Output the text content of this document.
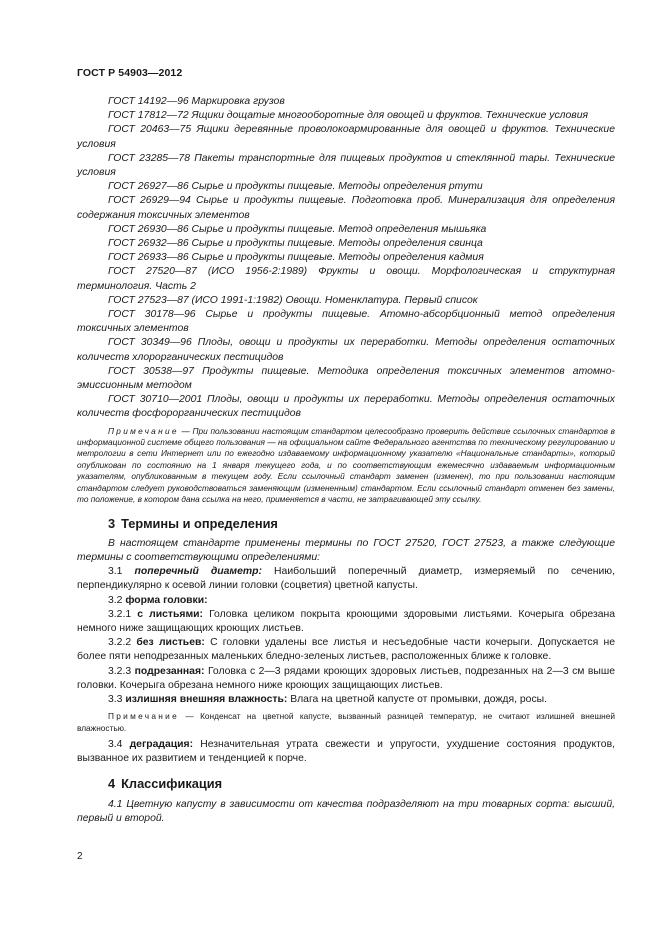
ГОСТ Р 54903—2012

ГОСТ 14192—96 Маркировка грузов

ГОСТ 17812—72 Ящики дощатые многооборотные для овощей и фруктов. Технические условия

ГОСТ 20463—75 Ящики деревянные проволокоармированные для овощей и фруктов. Технические условия

ГОСТ 23285—78 Пакеты транспортные для пищевых продуктов и стеклянной тары. Технические условия

ГОСТ 26927—86 Сырье и продукты пищевые. Методы определения ртути

ГОСТ 26929—94 Сырье и продукты пищевые. Подготовка проб. Минерализация для определения содержания токсичных элементов

ГОСТ 26930—86 Сырье и продукты пищевые. Метод определения мышьяка

ГОСТ 26932—86 Сырье и продукты пищевые. Методы определения свинца

ГОСТ 26933—86 Сырье и продукты пищевые. Методы определения кадмия

ГОСТ 27520—87 (ИСО 1956-2:1989) Фрукты и овощи. Морфологическая и структурная терминология. Часть 2

ГОСТ 27523—87 (ИСО 1991-1:1982) Овощи. Номенклатура. Первый список

ГОСТ 30178—96 Сырье и продукты пищевые. Атомно-абсорбционный метод определения токсичных элементов

ГОСТ 30349—96 Плоды, овощи и продукты их переработки. Методы определения остаточных количеств хлорорганических пестицидов

ГОСТ 30538—97 Продукты пищевые. Методика определения токсичных элементов атомно-эмиссионным методом

ГОСТ 30710—2001 Плоды, овощи и продукты их переработки. Методы определения остаточных количеств фосфорорганических пестицидов

Примечание — При пользовании настоящим стандартом целесообразно проверить действие ссылочных стандартов в информационной системе общего пользования — на официальном сайте Федерального агентства по техническому регулированию и метрологии в сети Интернет или по ежегодно издаваемому информационному указателю «Национальные стандарты», который опубликован по состоянию на 1 января текущего года, и по соответствующим ежемесячно издаваемым информационным указателям, опубликованным в текущем году. Если ссылочный стандарт заменен (изменен), то при пользовании настоящим стандартом следует руководствоваться заменяющим (измененным) стандартом. Если ссылочный стандарт отменен без замены, то положение, в котором дана ссылка на него, применяется в части, не затрагивающей эту ссылку.

3 Термины и определения

В настоящем стандарте применены термины по ГОСТ 27520, ГОСТ 27523, а также следующие термины с соответствующими определениями:

3.1 поперечный диаметр: Наибольший поперечный диаметр, измеряемый по сечению, перпендикулярно к осевой линии головки (соцветия) цветной капусты.

3.2 форма головки:

3.2.1 с листьями: Головка целиком покрыта кроющими здоровыми листьями. Кочерыга обрезана немного ниже защищающих кроющих листьев.

3.2.2 без листьев: С головки удалены все листья и несъедобные части кочерыги. Допускается не более пяти неподрезанных маленьких бледно-зеленых листьев, расположенных ближе к головке.

3.2.3 подрезанная: Головка с 2—3 рядами кроющих здоровых листьев, подрезанных на 2—3 см выше головки. Кочерыга обрезана немного ниже кроющих защищающих листьев.

3.3 излишняя внешняя влажность: Влага на цветной капусте от промывки, дождя, росы.

Примечание — Конденсат на цветной капусте, вызванный разницей температур, не считают излишней внешней влажностью.

3.4 деградация: Незначительная утрата свежести и упругости, ухудшение состояния продуктов, вызванное их развитием и тенденцией к порче.

4 Классификация

4.1 Цветную капусту в зависимости от качества подразделяют на три товарных сорта: высший, первый и второй.

2
